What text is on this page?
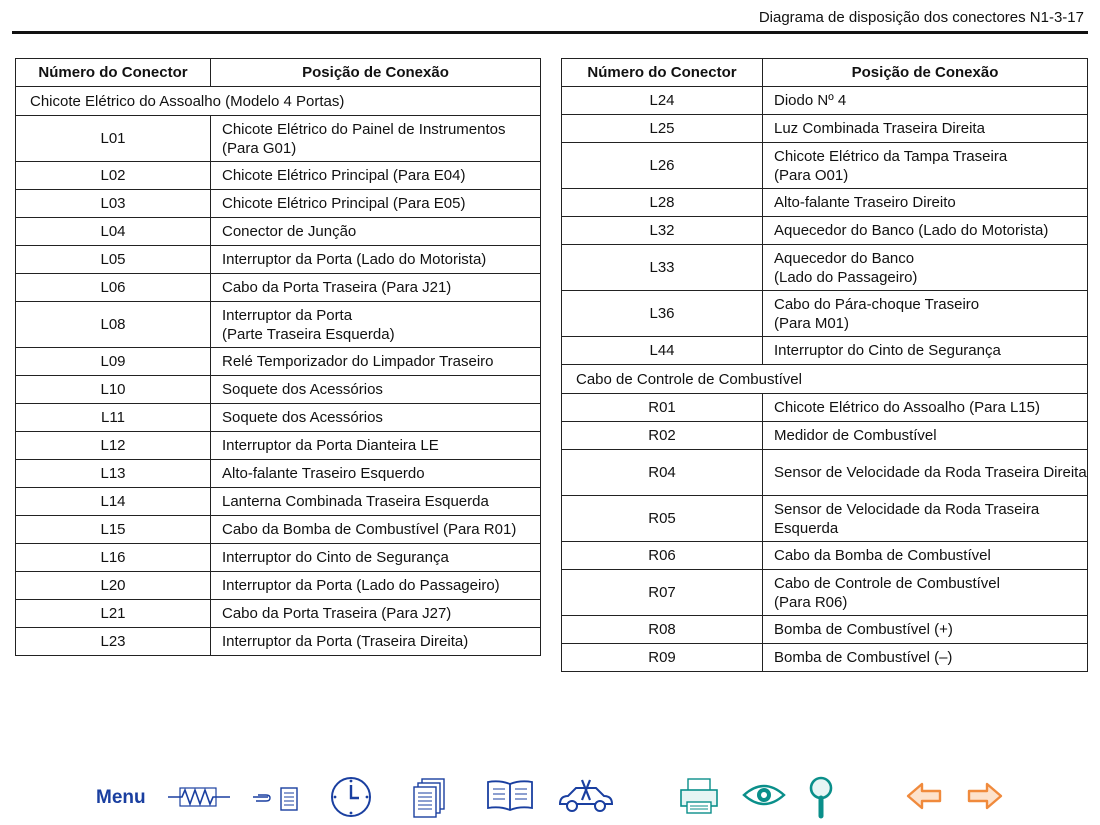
Diagrama de disposição dos conectores N1-3-17
Número do Conector	Posição de Conexão
Chicote Elétrico do Assoalho (Modelo 4 Portas)	
L01	Chicote Elétrico do Painel de Instrumentos (Para G01)
L02	Chicote Elétrico Principal (Para E04)
L03	Chicote Elétrico Principal (Para E05)
L04	Conector de Junção
L05	Interruptor da Porta (Lado do Motorista)
L06	Cabo da Porta Traseira (Para J21)
L08	Interruptor da Porta
(Parte Traseira Esquerda)
L09	Relé Temporizador do Limpador Traseiro
L10	Soquete dos Acessórios
L11	Soquete dos Acessórios
L12	Interruptor da Porta Dianteira LE
L13	Alto-falante Traseiro Esquerdo
L14	Lanterna Combinada Traseira Esquerda
L15	Cabo da Bomba de Combustível (Para R01)
L16	Interruptor do Cinto de Segurança
L20	Interruptor da Porta (Lado do Passageiro)
L21	Cabo da Porta Traseira (Para J27)
L23	Interruptor da Porta (Traseira Direita)
Número do Conector	Posição de Conexão
L24	Diodo Nº 4
L25	Luz Combinada Traseira Direita
L26	Chicote Elétrico da Tampa Traseira
(Para O01)
L28	Alto-falante Traseiro Direito
L32	Aquecedor do Banco (Lado do Motorista)
L33	Aquecedor do Banco
(Lado do Passageiro)
L36	Cabo do Pára-choque Traseiro
(Para M01)
L44	Interruptor do Cinto de Segurança
Cabo de Controle de Combustível	
R01	Chicote Elétrico do Assoalho (Para L15)
R02	Medidor de Combustível
R04	Sensor de Velocidade da Roda Traseira Direita
R05	Sensor de Velocidade da Roda Traseira Esquerda
R06	Cabo da Bomba de Combustível
R07	Cabo de Controle de Combustível
(Para R06)
R08	Bomba de Combustível (+)
R09	Bomba de Combustível (–)
Menu
